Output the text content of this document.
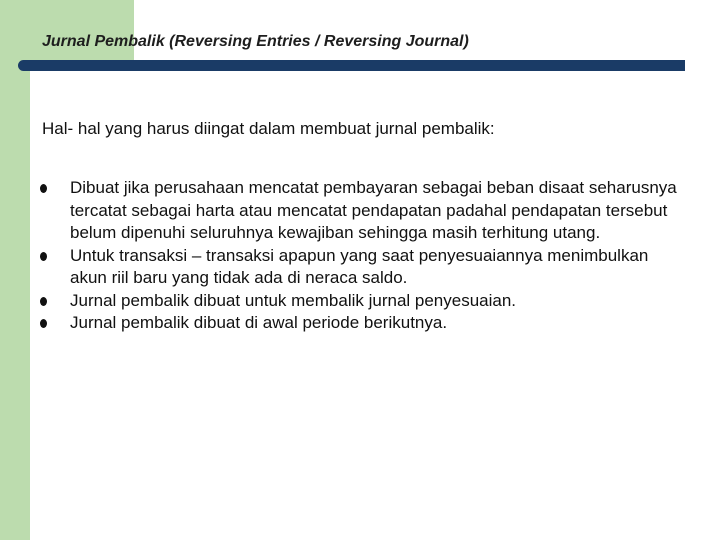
Jurnal Pembalik (Reversing Entries / Reversing Journal)

Hal- hal yang harus diingat dalam membuat jurnal pembalik:

Dibuat jika perusahaan mencatat pembayaran sebagai beban disaat seharusnya tercatat sebagai harta atau mencatat pendapatan padahal pendapatan tersebut belum dipenuhi seluruhnya kewajiban sehingga masih terhitung utang.
Untuk transaksi – transaksi apapun yang saat penyesuaiannya menimbulkan akun riil baru yang tidak ada di neraca saldo.
Jurnal pembalik dibuat untuk membalik jurnal penyesuaian.
Jurnal pembalik dibuat di awal periode berikutnya.
